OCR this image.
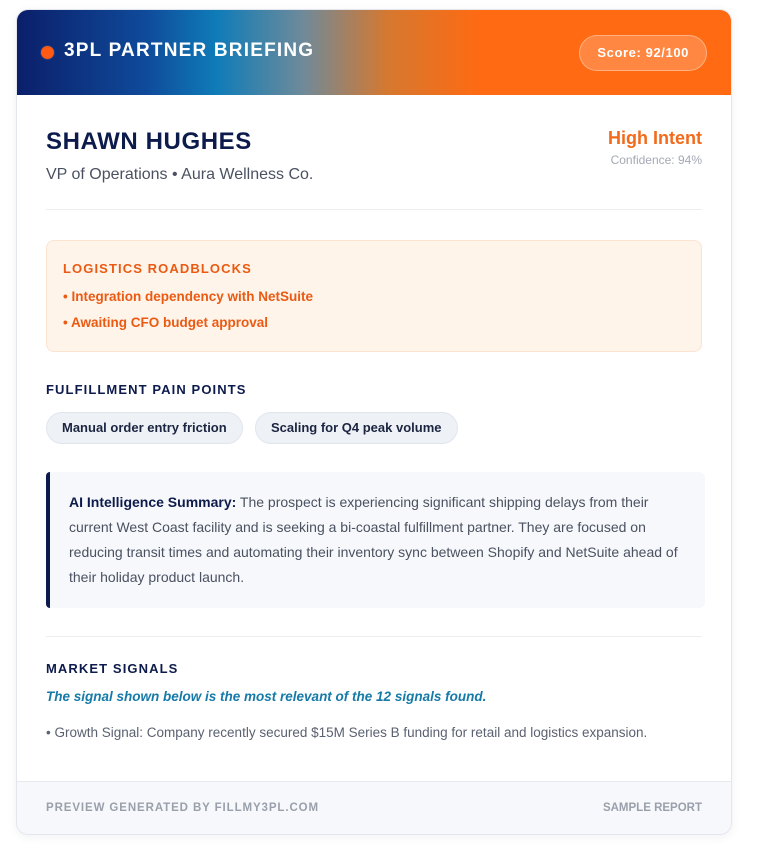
3PL PARTNER BRIEFING	Score: 92/100
SHAWN HUGHES
VP of Operations • Aura Wellness Co.
High Intent
Confidence: 94%
LOGISTICS ROADBLOCKS
• Integration dependency with NetSuite
• Awaiting CFO budget approval
FULFILLMENT PAIN POINTS
Manual order entry friction	Scaling for Q4 peak volume
AI Intelligence Summary: The prospect is experiencing significant shipping delays from their current West Coast facility and is seeking a bi-coastal fulfillment partner. They are focused on reducing transit times and automating their inventory sync between Shopify and NetSuite ahead of their holiday product launch.
MARKET SIGNALS
The signal shown below is the most relevant of the 12 signals found.
• Growth Signal: Company recently secured $15M Series B funding for retail and logistics expansion.
PREVIEW GENERATED BY FILLMY3PL.COM	SAMPLE REPORT
